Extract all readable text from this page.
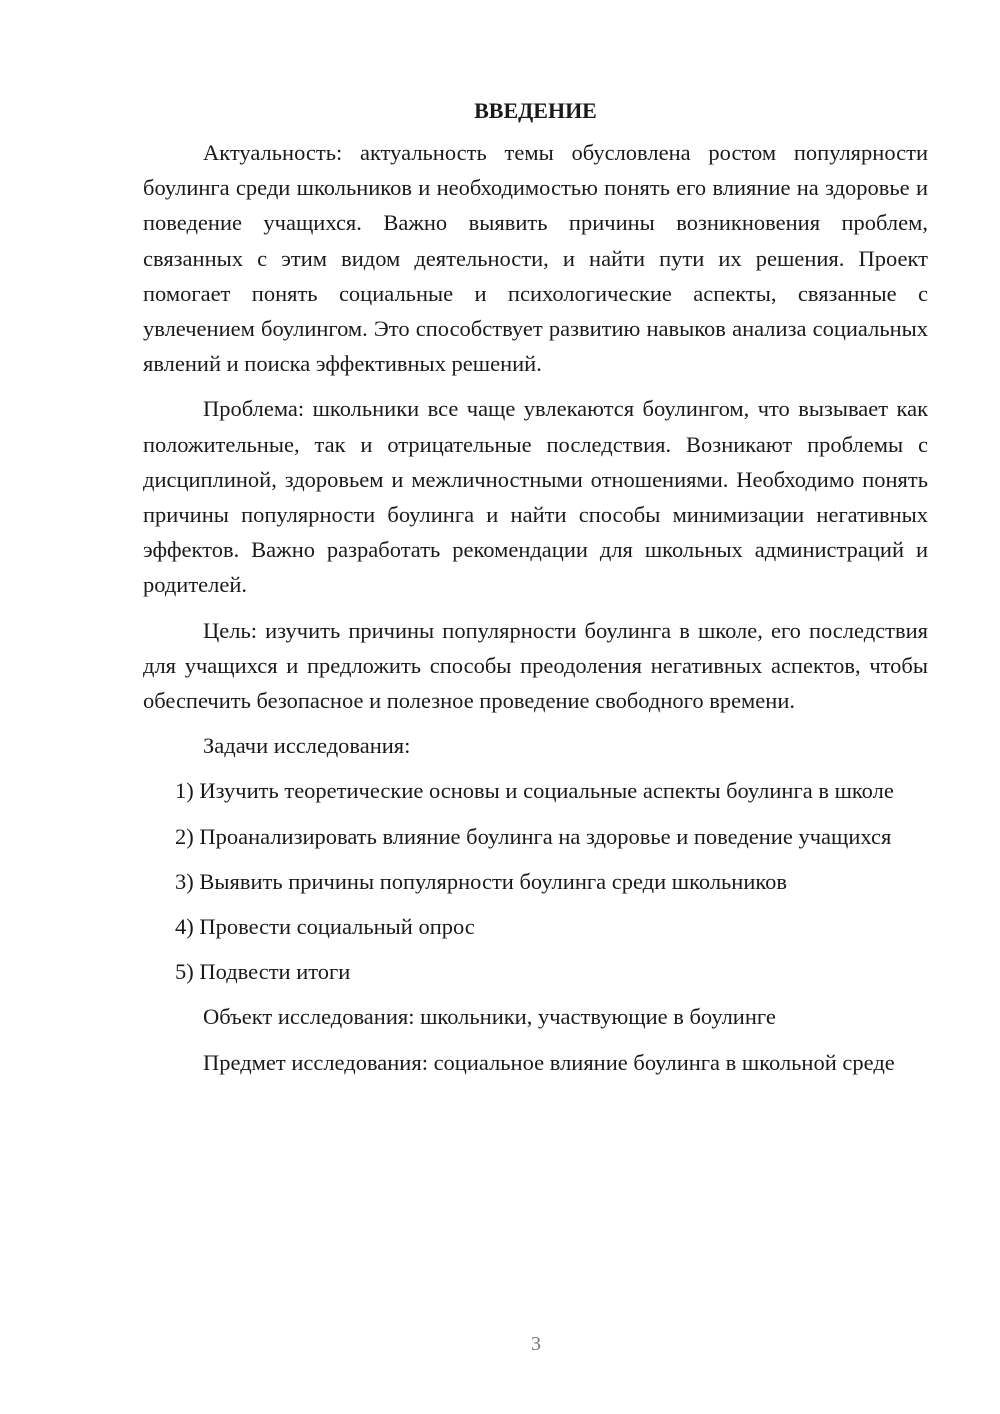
ВВЕДЕНИЕ

Актуальность: актуальность темы обусловлена ростом популярности боулинга среди школьников и необходимостью понять его влияние на здоровье и поведение учащихся. Важно выявить причины возникновения проблем, связанных с этим видом деятельности, и найти пути их решения. Проект помогает понять социальные и психологические аспекты, связанные с увлечением боулингом. Это способствует развитию навыков анализа социальных явлений и поиска эффективных решений.

Проблема: школьники все чаще увлекаются боулингом, что вызывает как положительные, так и отрицательные последствия. Возникают проблемы с дисциплиной, здоровьем и межличностными отношениями. Необходимо понять причины популярности боулинга и найти способы минимизации негативных эффектов. Важно разработать рекомендации для школьных администраций и родителей.

Цель: изучить причины популярности боулинга в школе, его последствия для учащихся и предложить способы преодоления негативных аспектов, чтобы обеспечить безопасное и полезное проведение свободного времени.

Задачи исследования:

1) Изучить теоретические основы и социальные аспекты боулинга в школе

2) Проанализировать влияние боулинга на здоровье и поведение учащихся

3) Выявить причины популярности боулинга среди школьников

4) Провести социальный опрос

5) Подвести итоги

Объект исследования: школьники, участвующие в боулинге

Предмет исследования: социальное влияние боулинга в школьной среде

3
